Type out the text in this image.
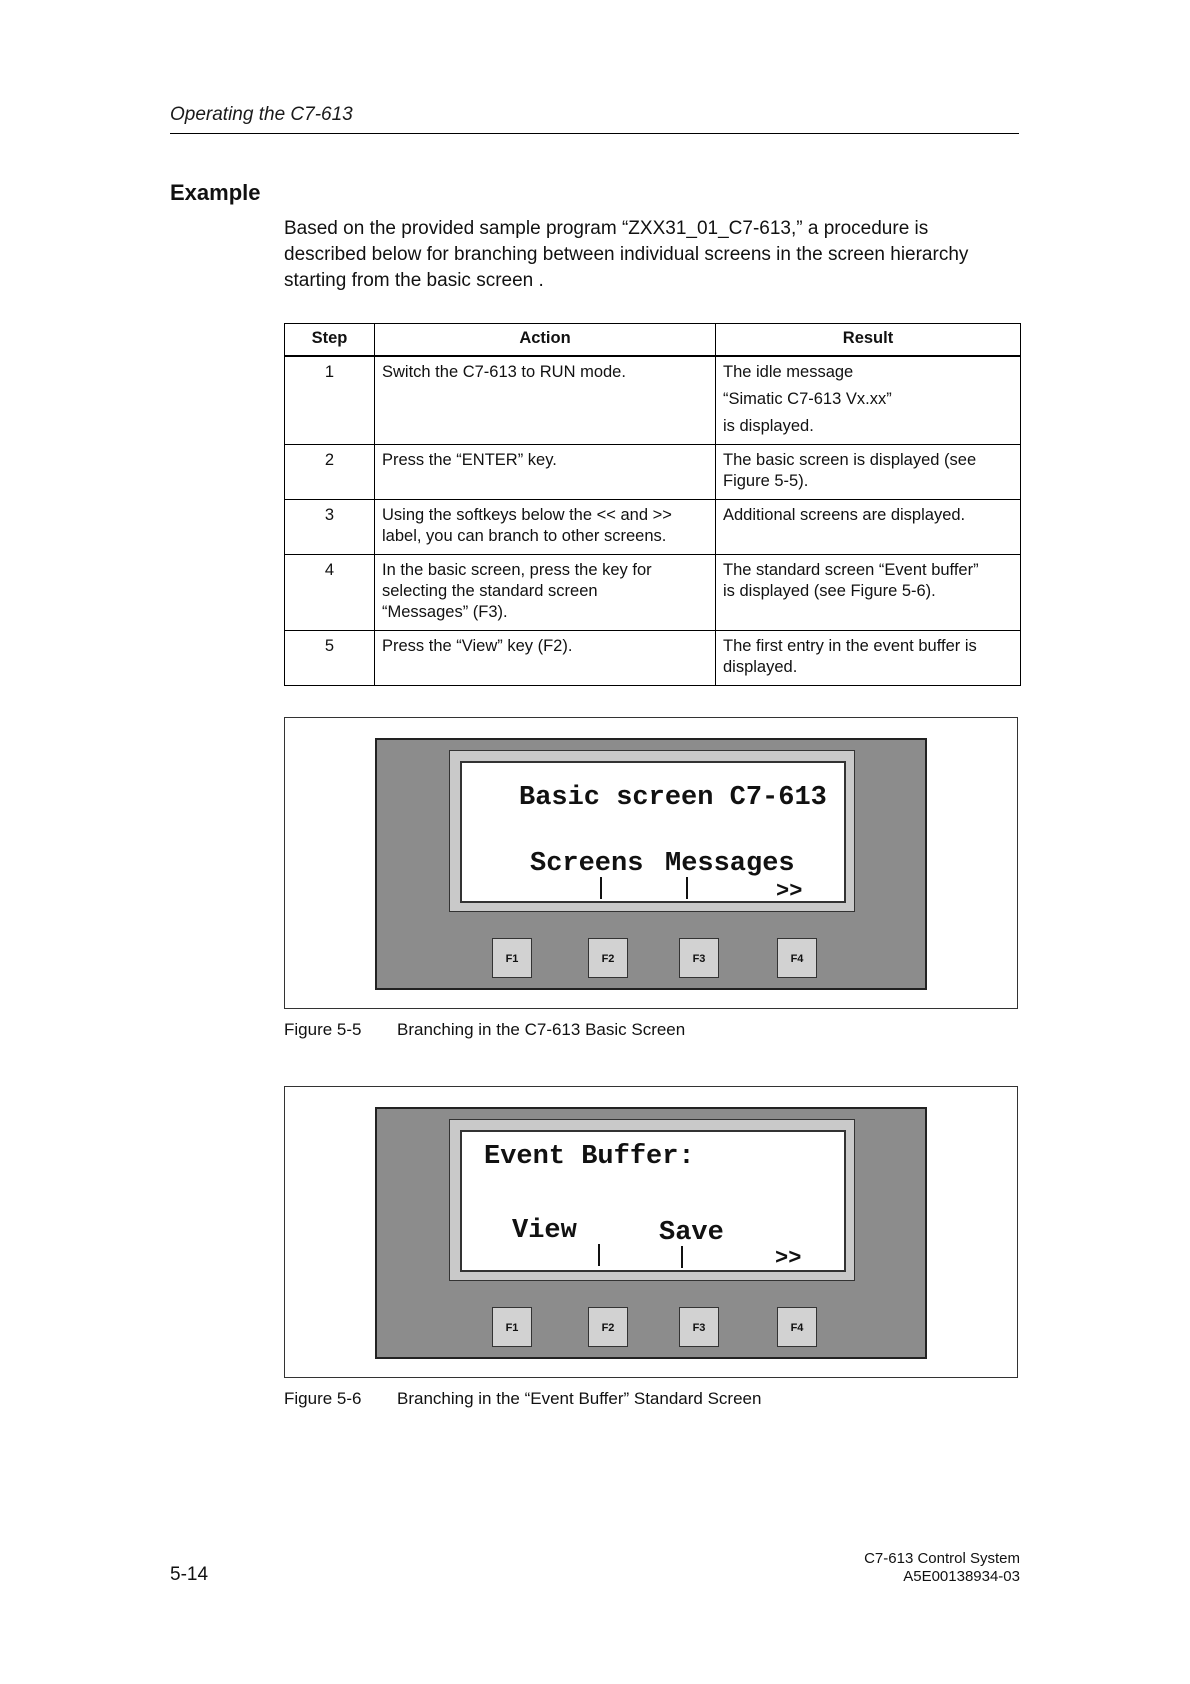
Operating the C7-613
Example
Based on the provided sample program “ZXX31_01_C7-613,” a procedure is
described below for branching between individual screens in the screen hierarchy
starting from the basic screen .
Step	Action	Result
1	Switch the C7-613 to RUN mode.	The idle message
“Simatic C7-613 Vx.xx”
is displayed.

2	Press the “ENTER” key.	The basic screen is displayed (see
Figure 5-5).

3	Using the softkeys below the << and >>
label, you can branch to other screens.	Additional screens are displayed.

4	In the basic screen, press the key for
selecting the standard screen
“Messages” (F3).	The standard screen “Event buffer”
is displayed (see Figure 5-6).

5	Press the “View” key (F2).	The first entry in the event buffer is
displayed.
Basic screen C7-613
Screens Messages
>>
F1	F2	F3	F4
Figure 5-5 Branching in the C7-613 Basic Screen
Event Buffer:
View	Save
>>
F1	F2	F3	F4
Figure 5-6 Branching in the “Event Buffer” Standard Screen
5-14
C7-613 Control System
A5E00138934-03
